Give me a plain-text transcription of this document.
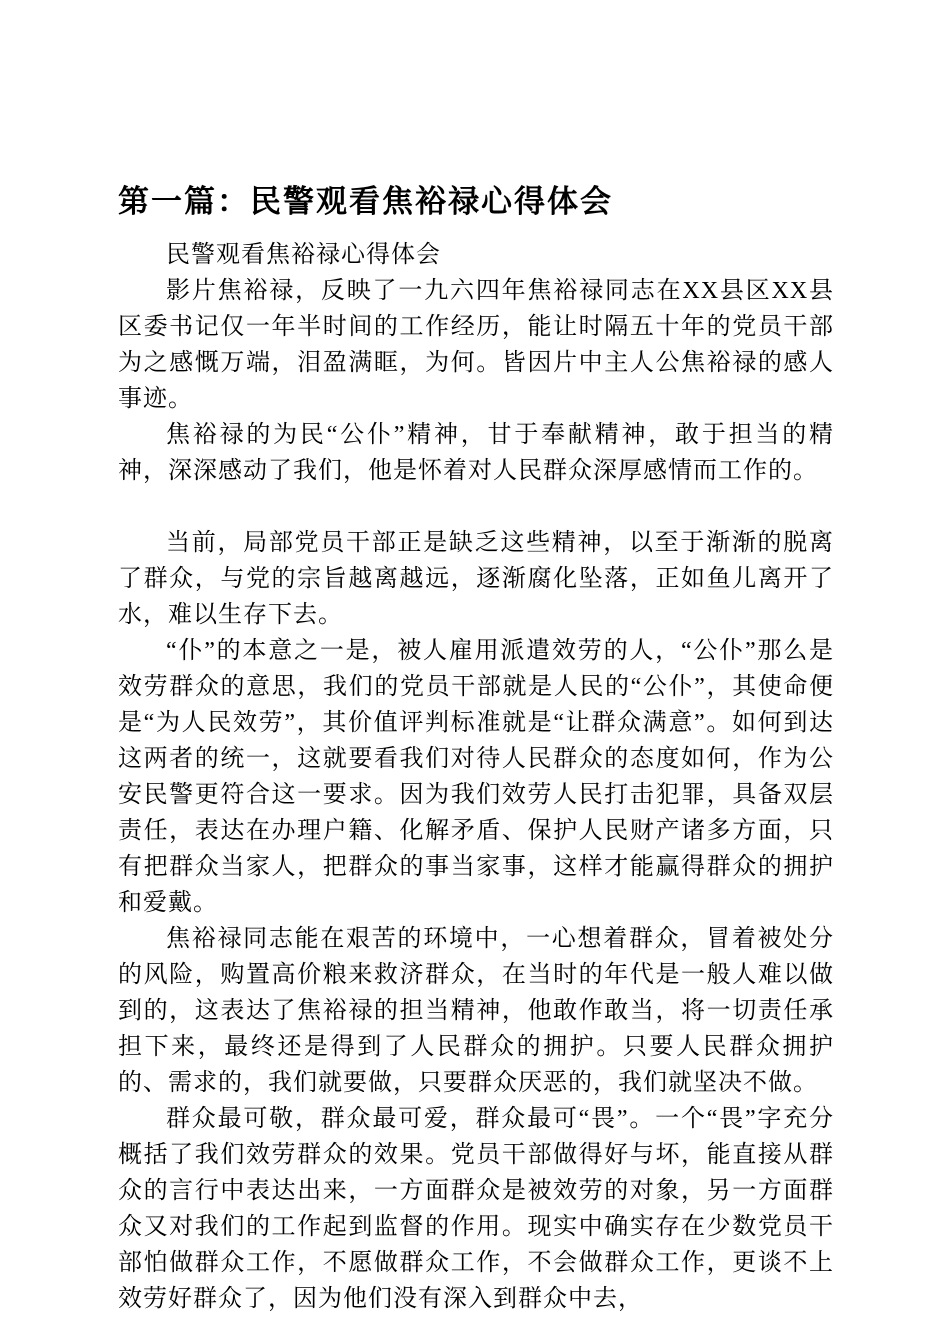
第一篇：民警观看焦裕禄心得体会

民警观看焦裕禄心得体会

影片焦裕禄，反映了一九六四年焦裕禄同志在XX县区XX县区委书记仅一年半时间的工作经历，能让时隔五十年的党员干部为之感慨万端，泪盈满眶，为何。皆因片中主人公焦裕禄的感人事迹。

焦裕禄的为民“公仆”精神，甘于奉献精神，敢于担当的精神，深深感动了我们，他是怀着对人民群众深厚感情而工作的。

当前，局部党员干部正是缺乏这些精神，以至于渐渐的脱离了群众，与党的宗旨越离越远，逐渐腐化坠落，正如鱼儿离开了水，难以生存下去。

“仆”的本意之一是，被人雇用派遣效劳的人，“公仆”那么是效劳群众的意思，我们的党员干部就是人民的“公仆”，其使命便是“为人民效劳”，其价值评判标准就是“让群众满意”。如何到达这两者的统一，这就要看我们对待人民群众的态度如何，作为公安民警更符合这一要求。因为我们效劳人民打击犯罪，具备双层责任，表达在办理户籍、化解矛盾、保护人民财产诸多方面，只有把群众当家人，把群众的事当家事，这样才能赢得群众的拥护和爱戴。

焦裕禄同志能在艰苦的环境中，一心想着群众，冒着被处分的风险，购置高价粮来救济群众，在当时的年代是一般人难以做到的，这表达了焦裕禄的担当精神，他敢作敢当，将一切责任承担下来，最终还是得到了人民群众的拥护。只要人民群众拥护的、需求的，我们就要做，只要群众厌恶的，我们就坚决不做。

群众最可敬，群众最可爱，群众最可“畏”。一个“畏”字充分概括了我们效劳群众的效果。党员干部做得好与坏，能直接从群众的言行中表达出来，一方面群众是被效劳的对象，另一方面群众又对我们的工作起到监督的作用。现实中确实存在少数党员干部怕做群众工作，不愿做群众工作，不会做群众工作，更谈不上效劳好群众了，因为他们没有深入到群众中去，
